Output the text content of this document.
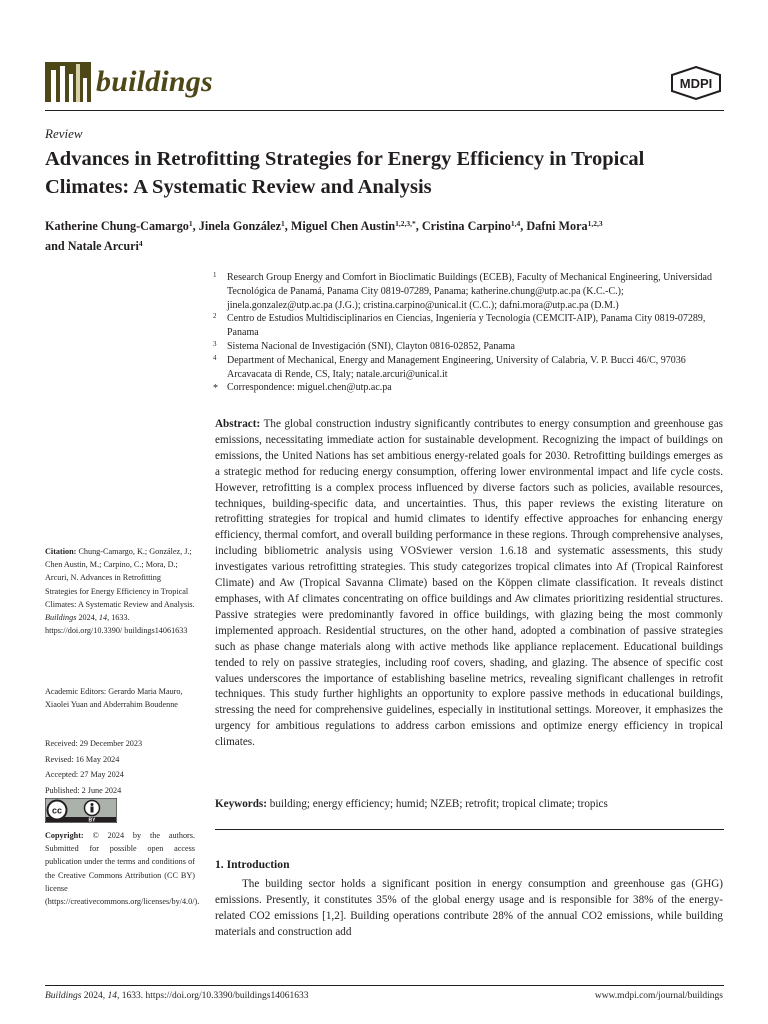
buildings	MDPI
Review
Advances in Retrofitting Strategies for Energy Efficiency in Tropical Climates: A Systematic Review and Analysis
Katherine Chung-Camargo$^1$, Jinela González$^1$, Miguel Chen Austin$^{1,2,3,*}$, Cristina Carpino$^{1,4}$, Dafni Mora$^{1,2,3}$
and Natale Arcuri$^4$
1 Research Group Energy and Comfort in Bioclimatic Buildings (ECEB), Faculty of Mechanical Engineering, Universidad Tecnológica de Panamá, Panama City 0819-07289, Panama; katherine.chung@utp.ac.pa (K.C.-C.); jinela.gonzalez@utp.ac.pa (J.G.); cristina.carpino@unical.it (C.C.); dafni.mora@utp.ac.pa (D.M.)
2 Centro de Estudios Multidisciplinarios en Ciencias, Ingeniería y Tecnología (CEMCIT-AIP), Panama City 0819-07289, Panama
3 Sistema Nacional de Investigación (SNI), Clayton 0816-02852, Panama
4 Department of Mechanical, Energy and Management Engineering, University of Calabria, V. P. Bucci 46/C, 97036 Arcavacata di Rende, CS, Italy; natale.arcuri@unical.it
* Correspondence: miguel.chen@utp.ac.pa

Abstract: The global construction industry significantly contributes to energy consumption and greenhouse gas emissions, necessitating immediate action for sustainable development. Recognizing the impact of buildings on emissions, the United Nations has set ambitious energy-related goals for 2030. Retrofitting buildings emerges as a strategic method for reducing energy consumption, offering lower environmental impact and life cycle costs. However, retrofitting is a complex process influenced by diverse factors such as policies, available resources, techniques, building-specific data, and uncertainties. Thus, this paper reviews the existing literature on retrofitting strategies for tropical and humid climates to identify effective approaches for enhancing energy efficiency, thermal comfort, and overall building performance in these regions. Through comprehensive analyses, including bibliometric analysis using VOSviewer version 1.6.18 and systematic assessments, this study investigates various retrofitting strategies. This study categorizes tropical climates into Af (Tropical Rainforest Climate) and Aw (Tropical Savanna Climate) based on the Köppen climate classification. It reveals distinct emphases, with Af climates concentrating on office buildings and Aw climates prioritizing residential structures. Passive strategies were predominantly favored in office buildings, with glazing being the most commonly implemented approach. Residential structures, on the other hand, adopted a combination of passive strategies such as phase change materials along with active methods like appliance replacement. Educational buildings tended to rely on passive strategies, including roof covers, shading, and glazing. The absence of specific cost values underscores the importance of establishing baseline metrics, revealing significant challenges in retrofit techniques. This study further highlights an opportunity to explore passive methods in educational buildings, stressing the need for comprehensive guidelines, especially in institutional settings. Moreover, it emphasizes the urgency for ambitious regulations to address carbon emissions and optimize energy efficiency in tropical climates.

Keywords: building; energy efficiency; humid; NZEB; retrofit; tropical climate; tropics

1. Introduction

The building sector holds a significant position in energy consumption and greenhouse gas (GHG) emissions. Presently, it constitutes 35% of the global energy usage and is responsible for 38% of the energy-related CO2 emissions [1,2]. Building operations contribute 28% of the annual CO2 emissions, while building materials and construction add

Citation: Chung-Camargo, K.; González, J.; Chen Austin, M.; Carpino, C.; Mora, D.; Arcuri, N. Advances in Retrofitting Strategies for Energy Efficiency in Tropical Climates: A Systematic Review and Analysis. Buildings 2024, 14, 1633. https://doi.org/10.3390/ buildings14061633
Academic Editors: Gerardo Maria Mauro, Xiaolei Yuan and Abderrahim Boudenne
Received: 29 December 2023
Revised: 16 May 2024
Accepted: 27 May 2024
Published: 2 June 2024
cc
BY
Copyright: © 2024 by the authors. Submitted for possible open access publication under the terms and conditions of the Creative Commons Attribution (CC BY) license (https://creativecommons.org/licenses/by/4.0/).
Buildings 2024, 14, 1633. https://doi.org/10.3390/buildings14061633	www.mdpi.com/journal/buildings
